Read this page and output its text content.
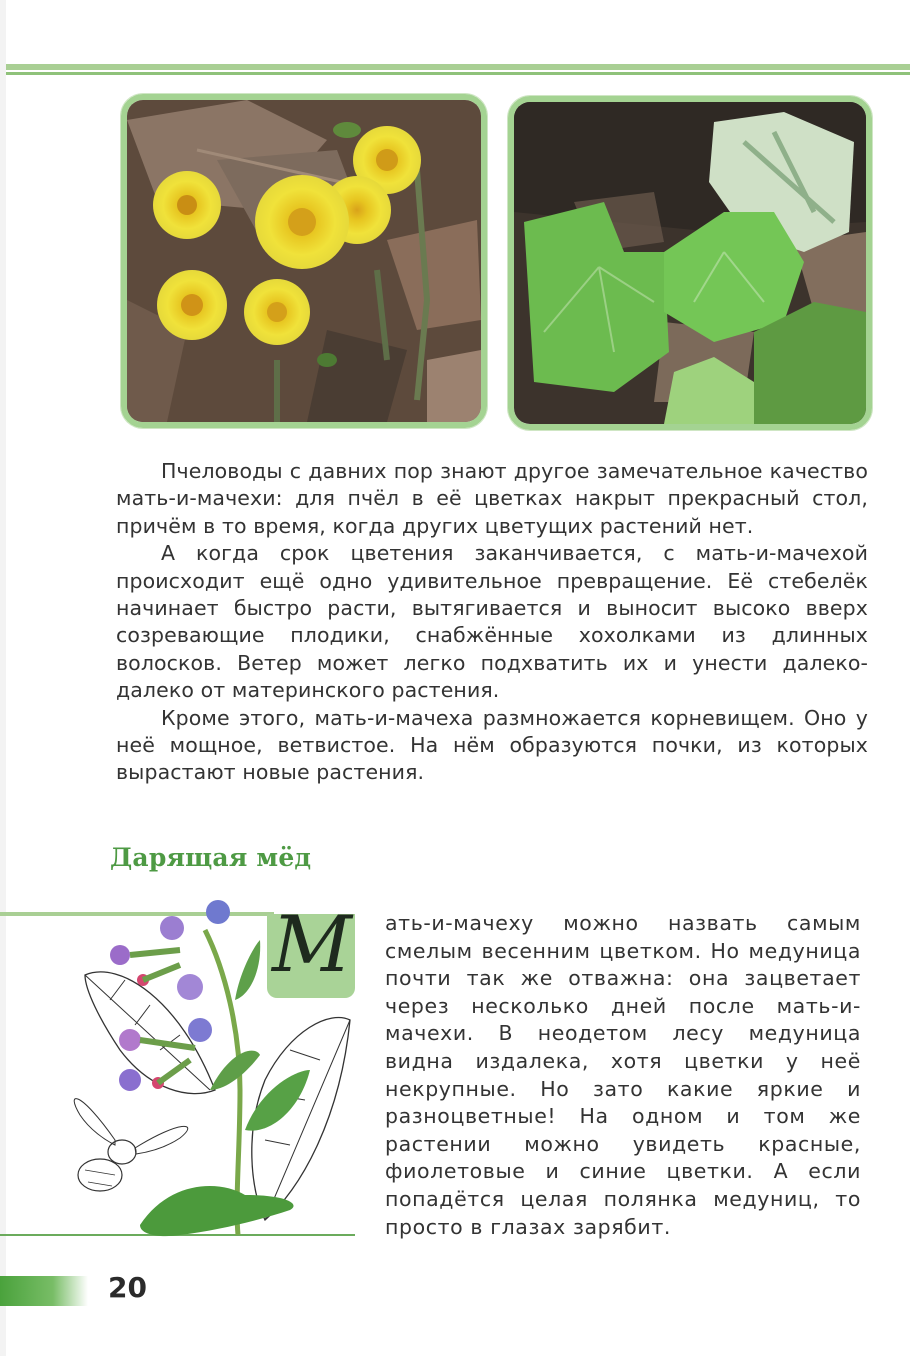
Пчеловоды с давних пор знают другое замечательное качество мать-и-мачехи: для пчёл в её цветках накрыт прекрасный стол, причём в то время, когда других цветущих растений нет.

А когда срок цветения заканчивается, с мать-и-мачехой происходит ещё одно удивительное превращение. Её стебелёк начинает быстро расти, вытягивается и выносит высоко вверх созревающие плодики, снабжённые хохолками из длинных волосков. Ветер может легко подхватить их и унести далеко-далеко от материнского растения.

Кроме этого, мать-и-мачеха размножается корневищем. Оно у неё мощное, ветвистое. На нём образуются почки, из которых вырастают новые растения.

Дарящая мёд
М ать-и-мачеху можно назвать самым смелым весенним цветком. Но медуница почти так же отважна: она зацветает через несколько дней после мать-и-мачехи. В неодетом лесу медуница видна издалека, хотя цветки у неё некрупные. Но зато какие яркие и разноцветные! На одном и том же растении можно увидеть красные, фиолетовые и синие цветки. А если попадётся целая полянка медуниц, то просто в глазах зарябит.

20
